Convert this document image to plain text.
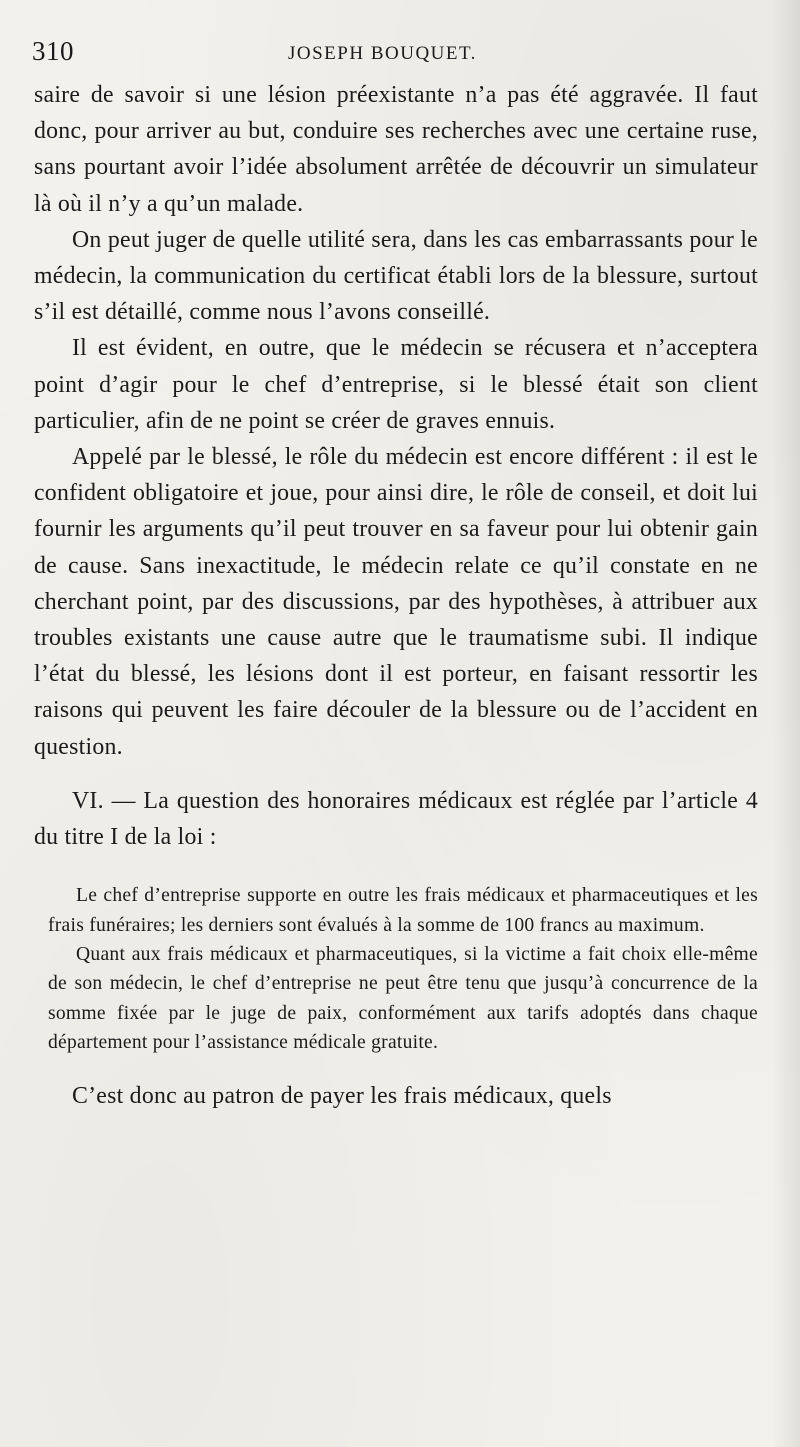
310	JOSEPH BOUQUET.

saire de savoir si une lésion préexistante n’a pas été aggravée. Il faut donc, pour arriver au but, conduire ses recherches avec une certaine ruse, sans pourtant avoir l’idée absolument arrêtée de découvrir un simulateur là où il n’y a qu’un malade.

On peut juger de quelle utilité sera, dans les cas embarrassants pour le médecin, la communication du certificat établi lors de la blessure, surtout s’il est détaillé, comme nous l’avons conseillé.

Il est évident, en outre, que le médecin se récusera et n’acceptera point d’agir pour le chef d’entreprise, si le blessé était son client particulier, afin de ne point se créer de graves ennuis.

Appelé par le blessé, le rôle du médecin est encore différent : il est le confident obligatoire et joue, pour ainsi dire, le rôle de conseil, et doit lui fournir les arguments qu’il peut trouver en sa faveur pour lui obtenir gain de cause. Sans inexactitude, le médecin relate ce qu’il constate en ne cherchant point, par des discussions, par des hypothèses, à attribuer aux troubles existants une cause autre que le traumatisme subi. Il indique l’état du blessé, les lésions dont il est porteur, en faisant ressortir les raisons qui peuvent les faire découler de la blessure ou de l’accident en question.

VI. — La question des honoraires médicaux est réglée par l’article 4 du titre I de la loi :

Le chef d’entreprise supporte en outre les frais médicaux et pharmaceutiques et les frais funéraires; les derniers sont évalués à la somme de 100 francs au maximum.

Quant aux frais médicaux et pharmaceutiques, si la victime a fait choix elle-même de son médecin, le chef d’entreprise ne peut être tenu que jusqu’à concurrence de la somme fixée par le juge de paix, conformément aux tarifs adoptés dans chaque département pour l’assistance médicale gratuite.

C’est donc au patron de payer les frais médicaux, quels
